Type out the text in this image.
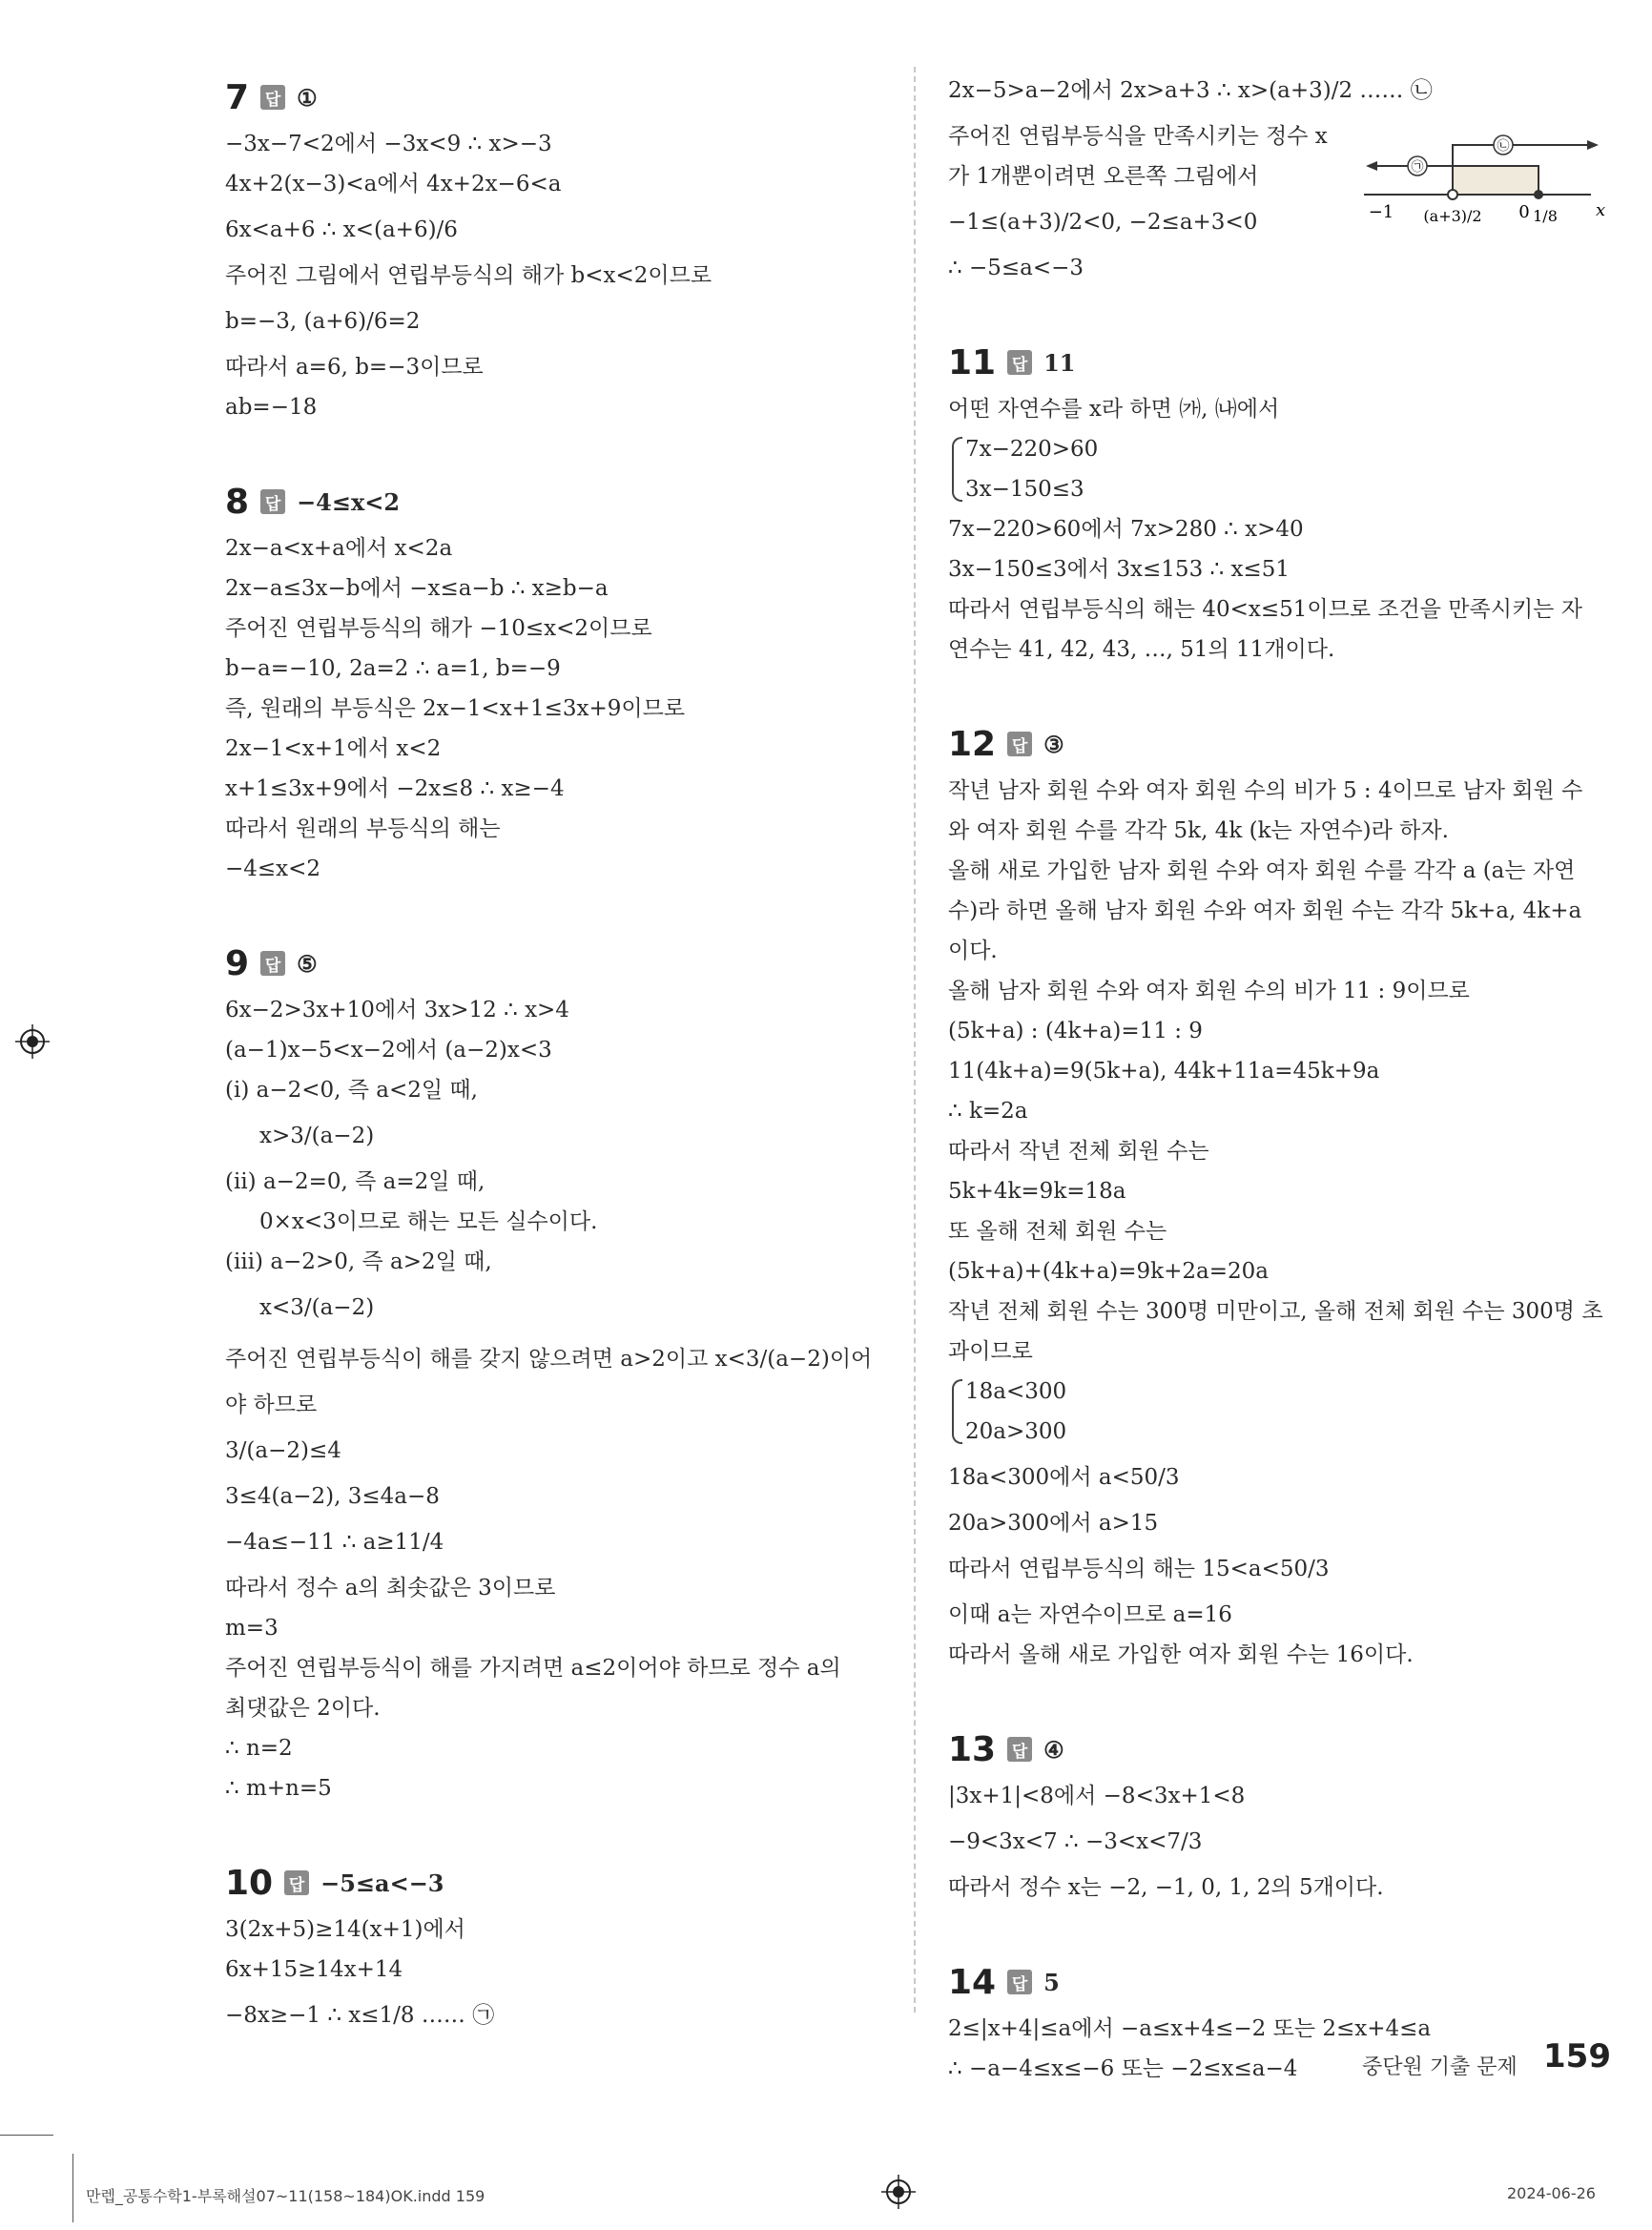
7 답 ①
−3x−7<2에서 −3x<9 ∴ x>−3
4x+2(x−3)<a에서 4x+2x−6<a
6x<a+6 ∴ x<(a+6)/6
주어진 그림에서 연립부등식의 해가 b<x<2이므로
b=−3, (a+6)/6=2
따라서 a=6, b=−3이므로
ab=−18
8 답 −4≤x<2
2x−a<x+a에서 x<2a
2x−a≤3x−b에서 −x≤a−b ∴ x≥b−a
주어진 연립부등식의 해가 −10≤x<2이므로
b−a=−10, 2a=2 ∴ a=1, b=−9
즉, 원래의 부등식은 2x−1<x+1≤3x+9이므로
2x−1<x+1에서 x<2
x+1≤3x+9에서 −2x≤8 ∴ x≥−4
따라서 원래의 부등식의 해는
−4≤x<2
9 답 ⑤
6x−2>3x+10에서 3x>12 ∴ x>4
(a−1)x−5<x−2에서 (a−2)x<3
(ⅰ) a−2<0, 즉 a<2일 때,
x>3/(a−2)
(ⅱ) a−2=0, 즉 a=2일 때,
0×x<3이므로 해는 모든 실수이다.
(ⅲ) a−2>0, 즉 a>2일 때,
x<3/(a−2)
주어진 연립부등식이 해를 갖지 않으려면 a>2이고 x<3/(a−2)이어
야 하므로
3/(a−2)≤4
3≤4(a−2), 3≤4a−8
−4a≤−11 ∴ a≥11/4
따라서 정수 a의 최솟값은 3이므로
m=3
주어진 연립부등식이 해를 가지려면 a≤2이어야 하므로 정수 a의
최댓값은 2이다.
∴ n=2
∴ m+n=5
10 답 −5≤a<−3
3(2x+5)≥14(x+1)에서
6x+15≥14x+14
−8x≥−1 ∴ x≤1/8 …… ㉠
2x−5>a−2에서 2x>a+3 ∴ x>(a+3)/2 …… ㉡
주어진 연립부등식을 만족시키는 정수 x
가 1개뿐이려면 오른쪽 그림에서
−1≤(a+3)/2<0, −2≤a+3<0
∴ −5≤a<−3
11 답 11
어떤 자연수를 x라 하면 ㈎, ㈏에서
7x−220>60
3x−150≤3
7x−220>60에서 7x>280 ∴ x>40
3x−150≤3에서 3x≤153 ∴ x≤51
따라서 연립부등식의 해는 40<x≤51이므로 조건을 만족시키는 자
연수는 41, 42, 43, …, 51의 11개이다.
12 답 ③
작년 남자 회원 수와 여자 회원 수의 비가 5 : 4이므로 남자 회원 수
와 여자 회원 수를 각각 5k, 4k (k는 자연수)라 하자.
올해 새로 가입한 남자 회원 수와 여자 회원 수를 각각 a (a는 자연
수)라 하면 올해 남자 회원 수와 여자 회원 수는 각각 5k+a, 4k+a
이다.
올해 남자 회원 수와 여자 회원 수의 비가 11 : 9이므로
(5k+a) : (4k+a)=11 : 9
11(4k+a)=9(5k+a), 44k+11a=45k+9a
∴ k=2a
따라서 작년 전체 회원 수는
5k+4k=9k=18a
또 올해 전체 회원 수는
(5k+a)+(4k+a)=9k+2a=20a
작년 전체 회원 수는 300명 미만이고, 올해 전체 회원 수는 300명 초
과이므로
18a<300
20a>300
18a<300에서 a<50/3
20a>300에서 a>15
따라서 연립부등식의 해는 15<a<50/3
이때 a는 자연수이므로 a=16
따라서 올해 새로 가입한 여자 회원 수는 16이다.
13 답 ④
|3x+1|<8에서 −8<3x+1<8
−9<3x<7 ∴ −3<x<7/3
따라서 정수 x는 −2, −1, 0, 1, 2의 5개이다.
14 답 5
2≤|x+4|≤a에서 −a≤x+4≤−2 또는 2≤x+4≤a
∴ −a−4≤x≤−6 또는 −2≤x≤a−4
㉠
㉡
−1 (a+3)/2 0 1/8 x
중단원 기출 문제 159
만렙_공통수학1-부록해설07~11(158~184)OK.indd 159	2024-06-26
